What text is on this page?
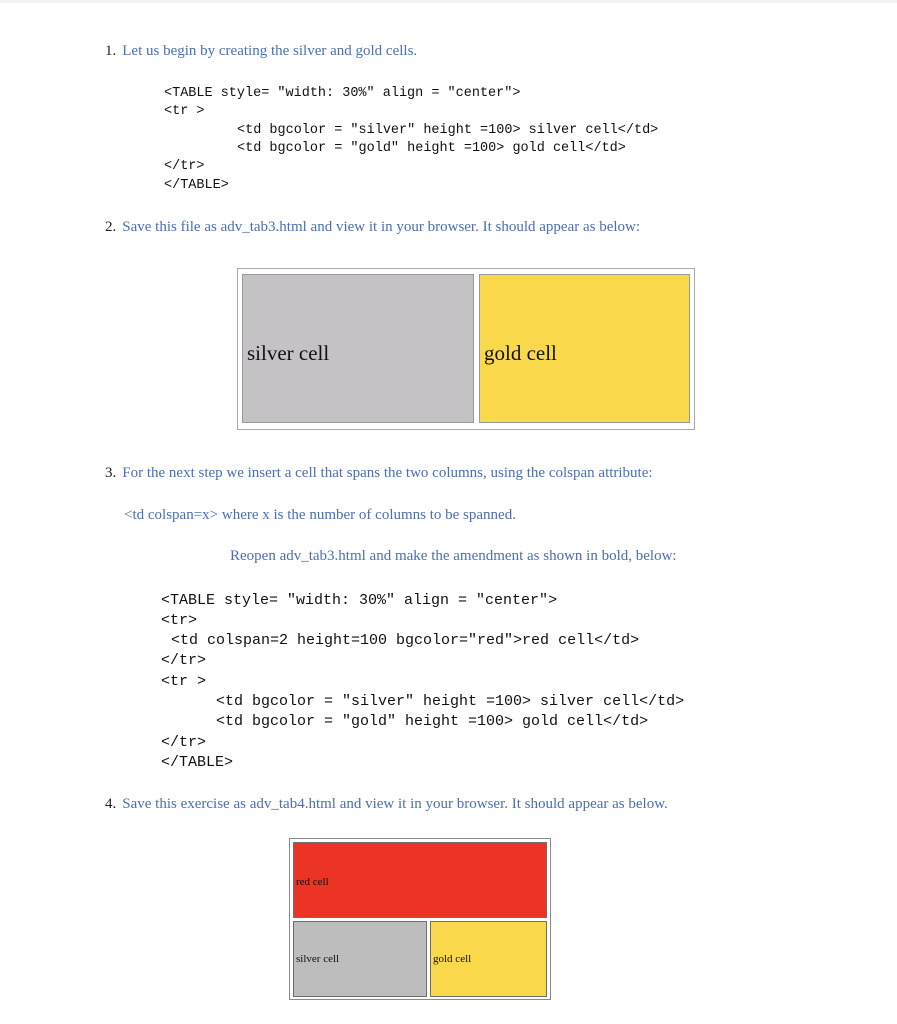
1. Let us begin by creating the silver and gold cells.
<TABLE style= "width: 30%" align = "center">
<tr >
<td bgcolor = "silver" height =100> silver cell</td>
<td bgcolor = "gold" height =100> gold cell</td>
</tr>
</TABLE>
2. Save this file as adv_tab3.html and view it in your browser. It should appear as below:
silver cell	gold cell
3. For the next step we insert a cell that spans the two columns, using the colspan attribute:
<td colspan=x> where x is the number of columns to be spanned.
Reopen adv_tab3.html and make the amendment as shown in bold, below:
<TABLE style= "width: 30%" align = "center">
<tr>
<td colspan=2 height=100 bgcolor="red">red cell</td>
</tr>
<tr >
<td bgcolor = "silver" height =100> silver cell</td>
<td bgcolor = "gold" height =100> gold cell</td>
</tr>
</TABLE>
4. Save this exercise as adv_tab4.html and view it in your browser. It should appear as below.
red cell
silver cell	gold cell
